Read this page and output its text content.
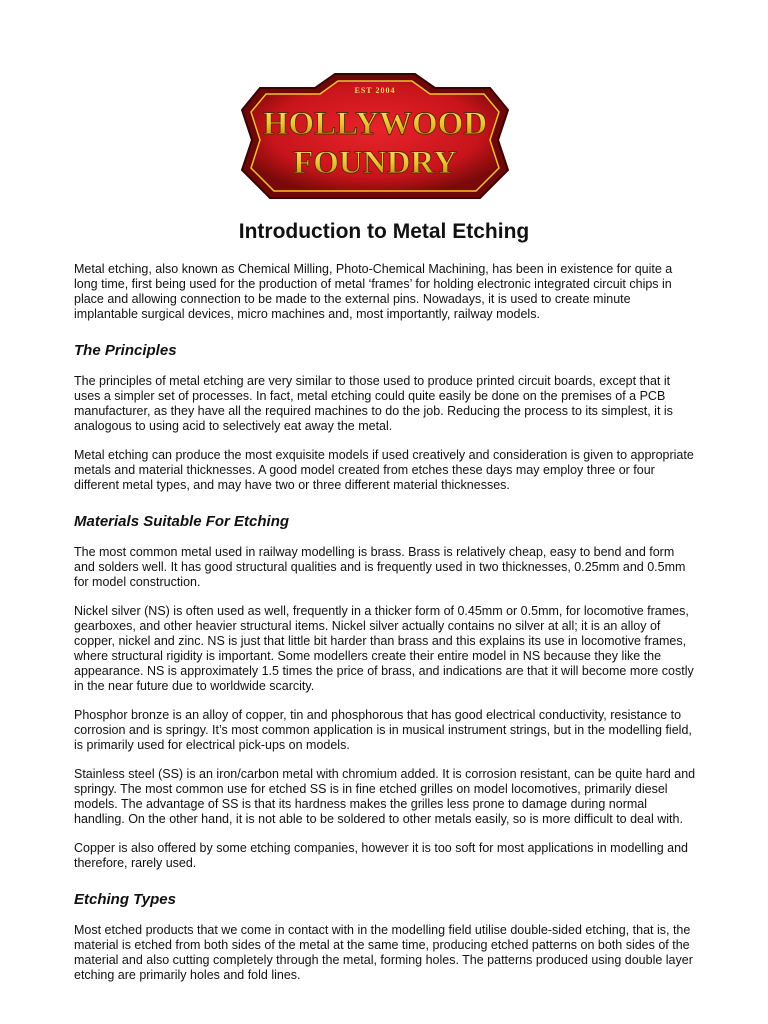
EST 2004
HOLLYWOOD
FOUNDRY
Introduction to Metal Etching

Metal etching, also known as Chemical Milling, Photo-Chemical Machining, has been in existence for quite a long time, first being used for the production of metal ‘frames’ for holding electronic integrated circuit chips in place and allowing connection to be made to the external pins. Nowadays, it is used to create minute implantable surgical devices, micro machines and, most importantly, railway models.

The Principles

The principles of metal etching are very similar to those used to produce printed circuit boards, except that it uses a simpler set of processes. In fact, metal etching could quite easily be done on the premises of a PCB manufacturer, as they have all the required machines to do the job. Reducing the process to its simplest, it is analogous to using acid to selectively eat away the metal.

Metal etching can produce the most exquisite models if used creatively and consideration is given to appropriate metals and material thicknesses. A good model created from etches these days may employ three or four different metal types, and may have two or three different material thicknesses.

Materials Suitable For Etching

The most common metal used in railway modelling is brass. Brass is relatively cheap, easy to bend and form and solders well. It has good structural qualities and is frequently used in two thicknesses, 0.25mm and 0.5mm for model construction.

Nickel silver (NS) is often used as well, frequently in a thicker form of 0.45mm or 0.5mm, for locomotive frames, gearboxes, and other heavier structural items. Nickel silver actually contains no silver at all; it is an alloy of copper, nickel and zinc. NS is just that little bit harder than brass and this explains its use in locomotive frames, where structural rigidity is important. Some modellers create their entire model in NS because they like the appearance. NS is approximately 1.5 times the price of brass, and indications are that it will become more costly in the near future due to worldwide scarcity.

Phosphor bronze is an alloy of copper, tin and phosphorous that has good electrical conductivity, resistance to corrosion and is springy. It’s most common application is in musical instrument strings, but in the modelling field, is primarily used for electrical pick-ups on models.

Stainless steel (SS) is an iron/carbon metal with chromium added. It is corrosion resistant, can be quite hard and springy. The most common use for etched SS is in fine etched grilles on model locomotives, primarily diesel models. The advantage of SS is that its hardness makes the grilles less prone to damage during normal handling. On the other hand, it is not able to be soldered to other metals easily, so is more difficult to deal with.

Copper is also offered by some etching companies, however it is too soft for most applications in modelling and therefore, rarely used.

Etching Types

Most etched products that we come in contact with in the modelling field utilise double-sided etching, that is, the material is etched from both sides of the metal at the same time, producing etched patterns on both sides of the material and also cutting completely through the metal, forming holes. The patterns produced using double layer etching are primarily holes and fold lines.
